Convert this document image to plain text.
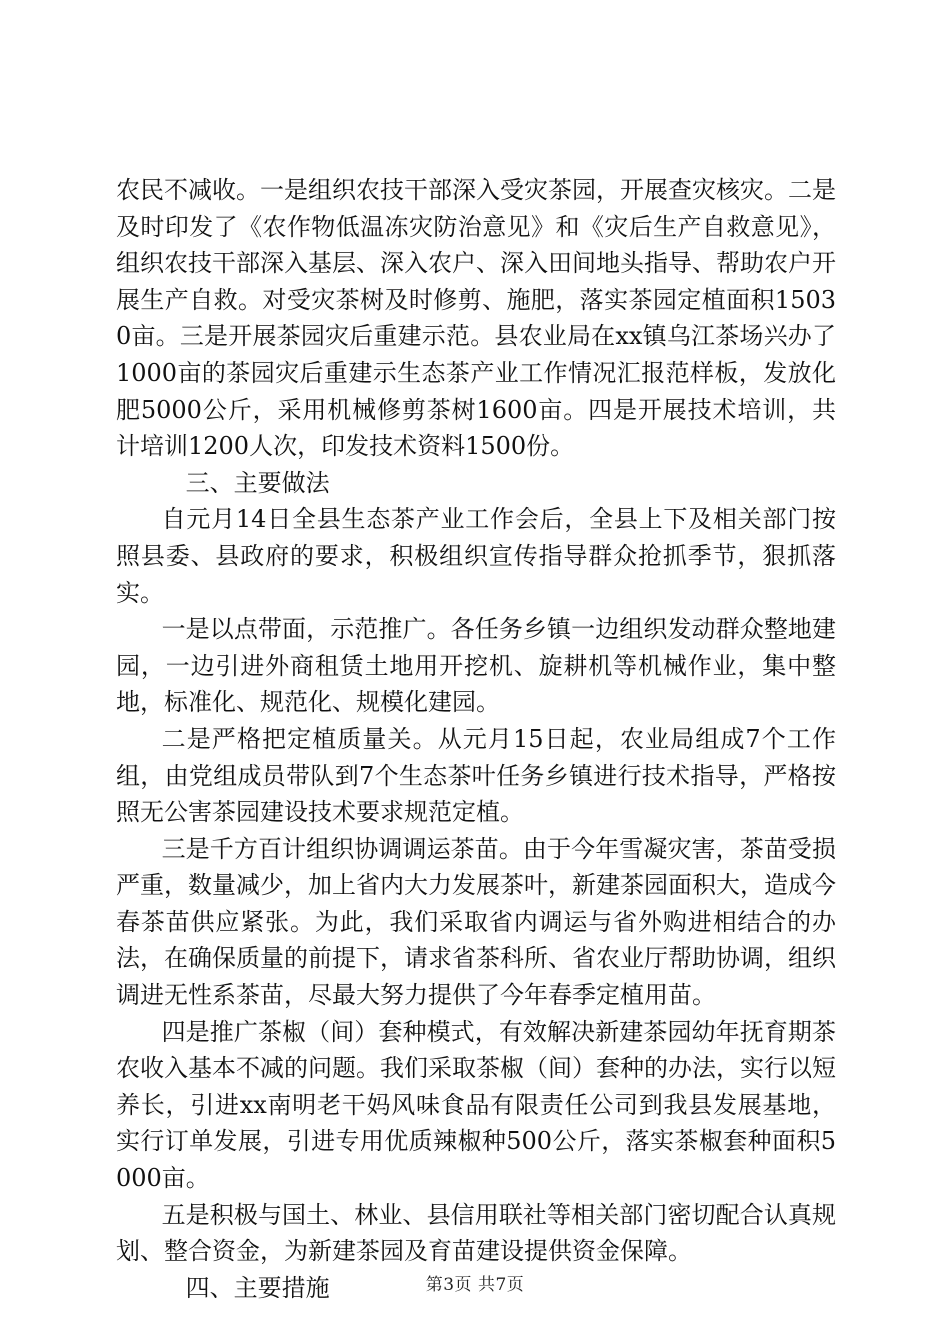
农民不减收。一是组织农技干部深入受灾茶园，开展查灾核灾。二是及时印发了《农作物低温冻灾防治意见》和《灾后生产自救意见》，组织农技干部深入基层、深入农户、深入田间地头指导、帮助农户开展生产自救。对受灾茶树及时修剪、施肥，落实茶园定植面积15030亩。三是开展茶园灾后重建示范。县农业局在xx镇乌江茶场兴办了1000亩的茶园灾后重建示生态茶产业工作情况汇报范样板，发放化肥5000公斤，采用机械修剪茶树1600亩。四是开展技术培训，共计培训1200人次，印发技术资料1500份。

三、主要做法

自元月14日全县生态茶产业工作会后，全县上下及相关部门按照县委、县政府的要求，积极组织宣传指导群众抢抓季节，狠抓落实。

一是以点带面，示范推广。各任务乡镇一边组织发动群众整地建园，一边引进外商租赁土地用开挖机、旋耕机等机械作业，集中整地，标准化、规范化、规模化建园。

二是严格把定植质量关。从元月15日起，农业局组成7个工作组，由党组成员带队到7个生态茶叶任务乡镇进行技术指导，严格按照无公害茶园建设技术要求规范定植。

三是千方百计组织协调调运茶苗。由于今年雪凝灾害，茶苗受损严重，数量减少，加上省内大力发展茶叶，新建茶园面积大，造成今春茶苗供应紧张。为此，我们采取省内调运与省外购进相结合的办法，在确保质量的前提下，请求省茶科所、省农业厅帮助协调，组织调进无性系茶苗，尽最大努力提供了今年春季定植用苗。

四是推广茶椒（间）套种模式，有效解决新建茶园幼年抚育期茶农收入基本不减的问题。我们采取茶椒（间）套种的办法，实行以短养长，引进xx南明老干妈风味食品有限责任公司到我县发展基地，实行订单发展，引进专用优质辣椒种500公斤，落实茶椒套种面积5000亩。

五是积极与国土、林业、县信用联社等相关部门密切配合认真规划、整合资金，为新建茶园及育苗建设提供资金保障。

四、主要措施	第3页 共7页
